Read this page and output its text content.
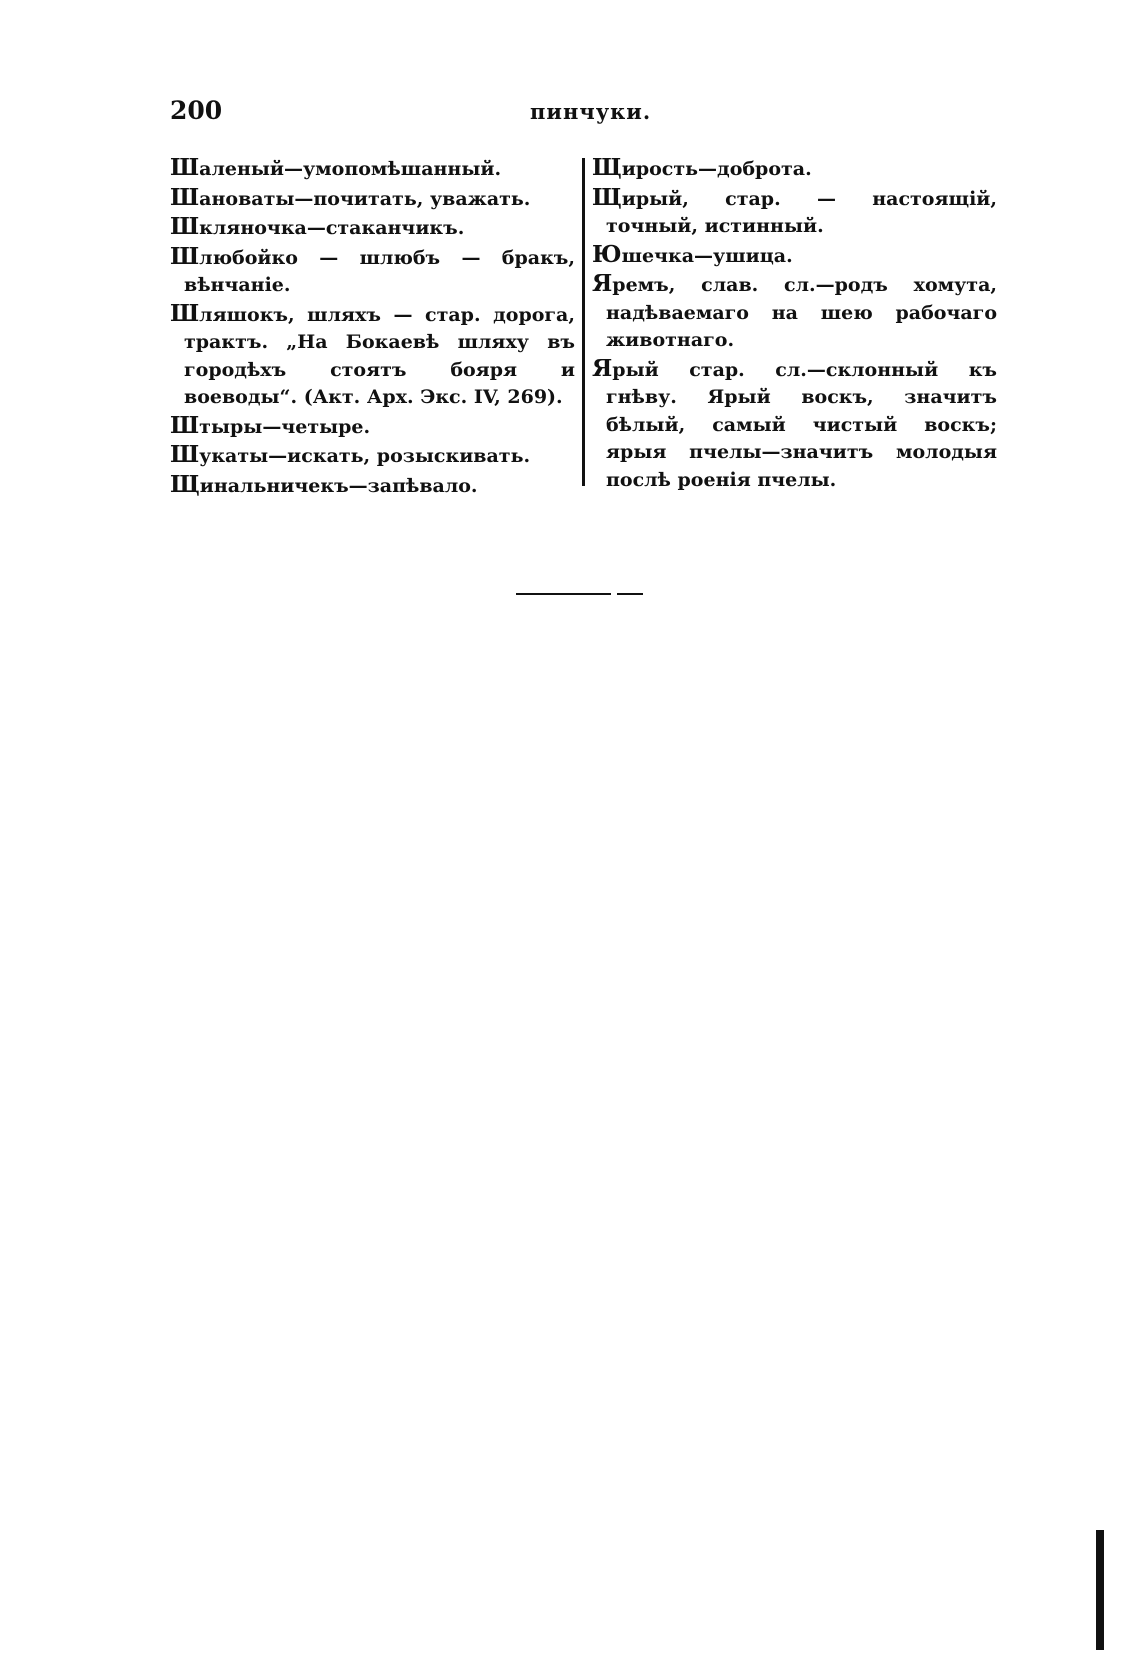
200	пинчуки.

Шаленый—умопомѣшанный.

Шановаты—почитать, уважать.

Шкляночка—стаканчикъ.

Шлюбойко — шлюбъ — бракъ, вѣнчаніе.

Шляшокъ, шляхъ — стар. дорога, трактъ. „На Бокаевѣ шляху въ городѣхъ стоятъ бояря и воеводы“. (Акт. Арх. Экс. IV, 269).

Штыры—четыре.

Шукаты—искать, розыскивать.

Щинальничекъ—запѣвало.

Щирость—доброта.

Щирый, стар. — настоящій, точный, истинный.

Юшечка—ушица.

Яремъ, слав. сл.—родъ хомута, надѣваемаго на шею рабочаго животнаго.

Ярый стар. сл.—склонный къ гнѣву. Ярый воскъ, значитъ бѣлый, самый чистый воскъ; ярыя пчелы—значитъ молодыя послѣ роенія пчелы.
